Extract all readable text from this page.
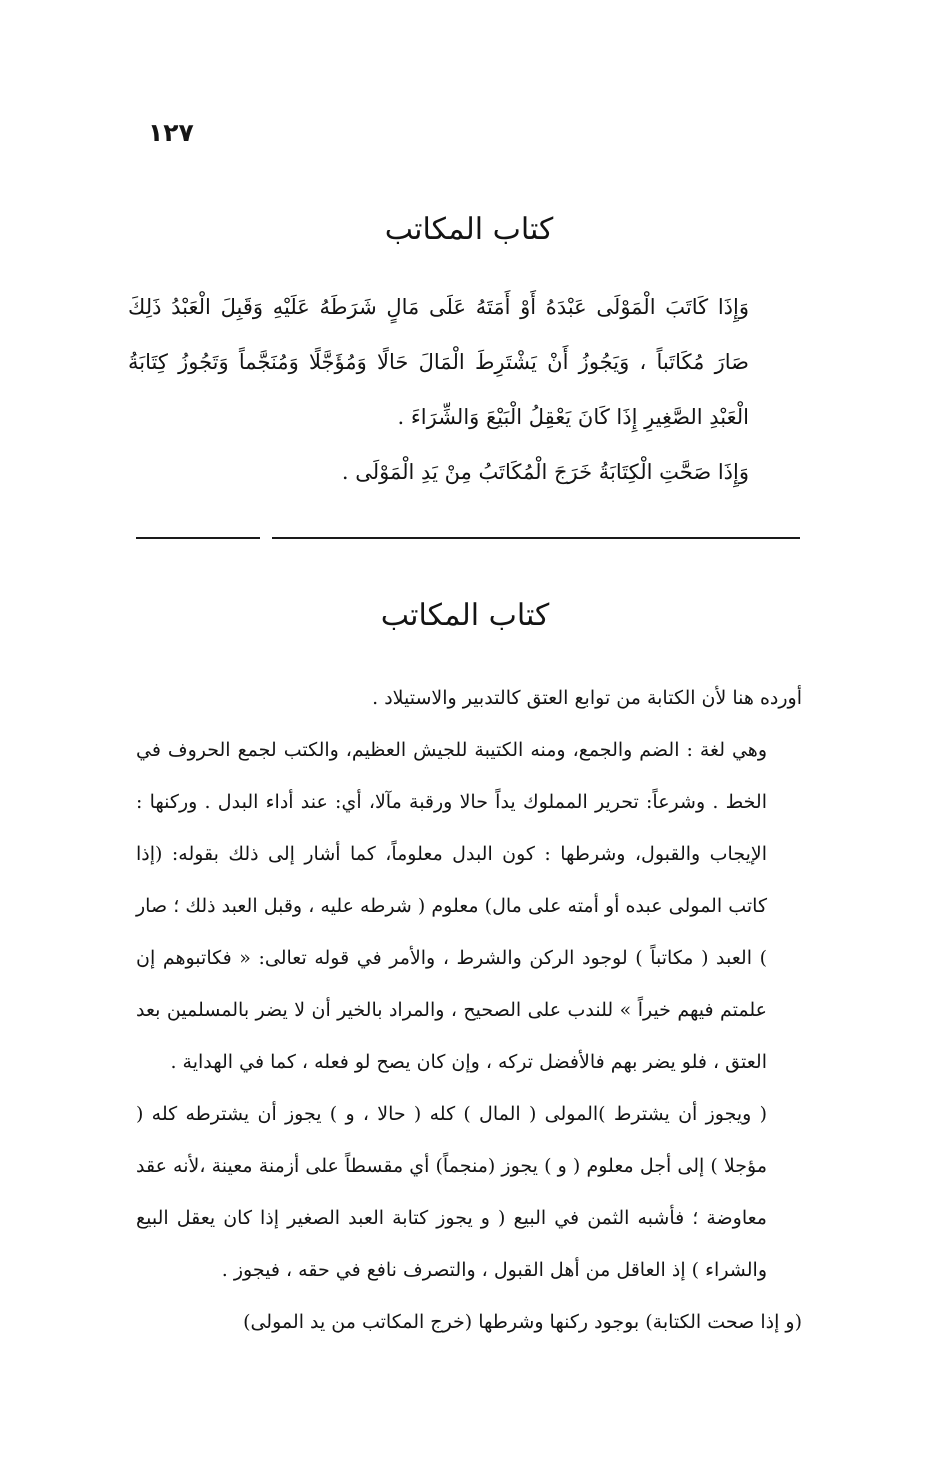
١٢٧
كتاب المكاتب

وَإِذَا كَاتَبَ الْمَوْلَى عَبْدَهُ أَوْ أَمَتَهُ عَلَى مَالٍ شَرَطَهُ عَلَيْهِ وَقَبِلَ الْعَبْدُ ذَلِكَ صَارَ مُكَاتَباً ، وَيَجُوزُ أَنْ يَشْتَرِطَ الْمَالَ حَالًا وَمُؤَجَّلًا وَمُنَجَّماً وَتَجُوزُ كِتَابَةُ الْعَبْدِ الصَّغِيرِ إِذَا كَانَ يَعْقِلُ الْبَيْعَ وَالشِّرَاءَ .

وَإِذَا صَحَّتِ الْكِتَابَةُ خَرَجَ الْمُكَاتَبُ مِنْ يَدِ الْمَوْلَى .

كتاب المكاتب

أورده هنا لأن الكتابة من توابع العتق كالتدبير والاستيلاد .

وهي لغة : الضم والجمع، ومنه الكتيبة للجيش العظيم، والكتب لجمع الحروف في الخط . وشرعاً: تحرير المملوك يداً حالا ورقبة مآلا، أي: عند أداء البدل . وركنها : الإيجاب والقبول، وشرطها : كون البدل معلوماً، كما أشار إلى ذلك بقوله: (إذا كاتب المولى عبده أو أمته على مال) معلوم ( شرطه عليه ، وقبل العبد ذلك ؛ صار ) العبد ( مكاتباً ) لوجود الركن والشرط ، والأمر في قوله تعالى: « فكاتبوهم إن علمتم فيهم خيراً » للندب على الصحيح ، والمراد بالخير أن لا يضر بالمسلمين بعد العتق ، فلو يضر بهم فالأفضل تركه ، وإن كان يصح لو فعله ، كما في الهداية .

( ويجوز أن يشترط )المولى ( المال ) كله ( حالا ، و ) يجوز أن يشترطه كله ( مؤجلا ) إلى أجل معلوم ( و ) يجوز (منجماً) أي مقسطاً على أزمنة معينة ،لأنه عقد معاوضة ؛ فأشبه الثمن في البيع ( و يجوز كتابة العبد الصغير إذا كان يعقل البيع والشراء ) إذ العاقل من أهل القبول ، والتصرف نافع في حقه ، فيجوز .

(و إذا صحت الكتابة) بوجود ركنها وشرطها (خرج المكاتب من يد المولى)
